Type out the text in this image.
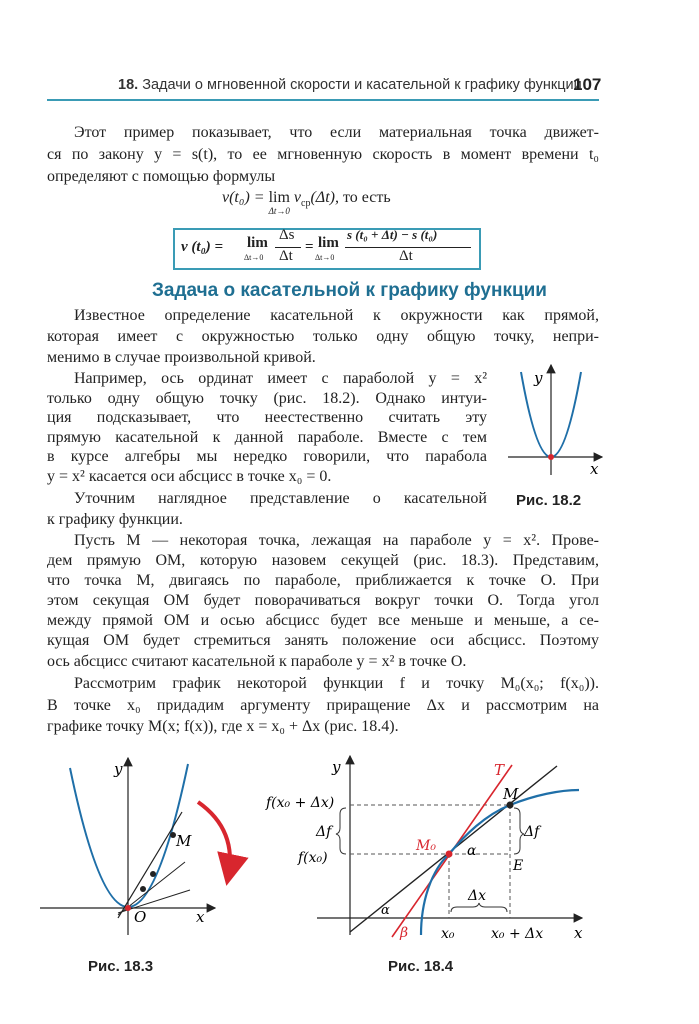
18. Задачи о мгновенной скорости и касательной к графику функции
107
Этот пример показывает, что если материальная точка движет-
ся по закону y = s(t), то ее мгновенную скорость в момент времени t₀
определяют с помощью формулы
v(t₀) = lim
Δt→0
$v_{ср}(\Delta t)$, то есть
v (t₀) = lim
Δt→0
Δs
Δt
= lim
Δt→0
s (t₀ + Δt) − s (t₀)
Δt
Задача о касательной к графику функции
Известное определение касательной к окружности как прямой,
которая имеет с окружностью только одну общую точку, непри-
менимо в случае произвольной кривой.
Например, ось ординат имеет с параболой y = x²
только одну общую точку (рис. 18.2). Однако интуи-
ция подсказывает, что неестественно считать эту
прямую касательной к данной параболе. Вместе с тем
в курсе алгебры мы нередко говорили, что парабола
y = x² касается оси абсцисс в точке x₀ = 0.
Уточним наглядное представление о касательной
к графику функции.
Пусть M — некоторая точка, лежащая на параболе y = x². Прове-
дем прямую OM, которую назовем секущей (рис. 18.3). Представим,
что точка M, двигаясь по параболе, приближается к точке O. При
этом секущая OM будет поворачиваться вокруг точки O. Тогда угол
между прямой OM и осью абсцисс будет все меньше и меньше, а се-
кущая OM будет стремиться занять положение оси абсцисс. Поэтому
ось абсцисс считают касательной к параболе y = x² в точке O.
Рассмотрим график некоторой функции f и точку M₀(x₀; f(x₀)).
В точке x₀ придадим аргументу приращение Δx и рассмотрим на
графике точку M(x; f(x)), где x = x₀ + Δx (рис. 18.4).
y
x
y
M
O	x
y	T
M
f(x₀ + Δx)
Δf	Δf
f(x₀)
M₀ α
E
Δx
α
β x₀	x₀ + Δx x
Рис. 18.2
Рис. 18.3	Рис. 18.4
